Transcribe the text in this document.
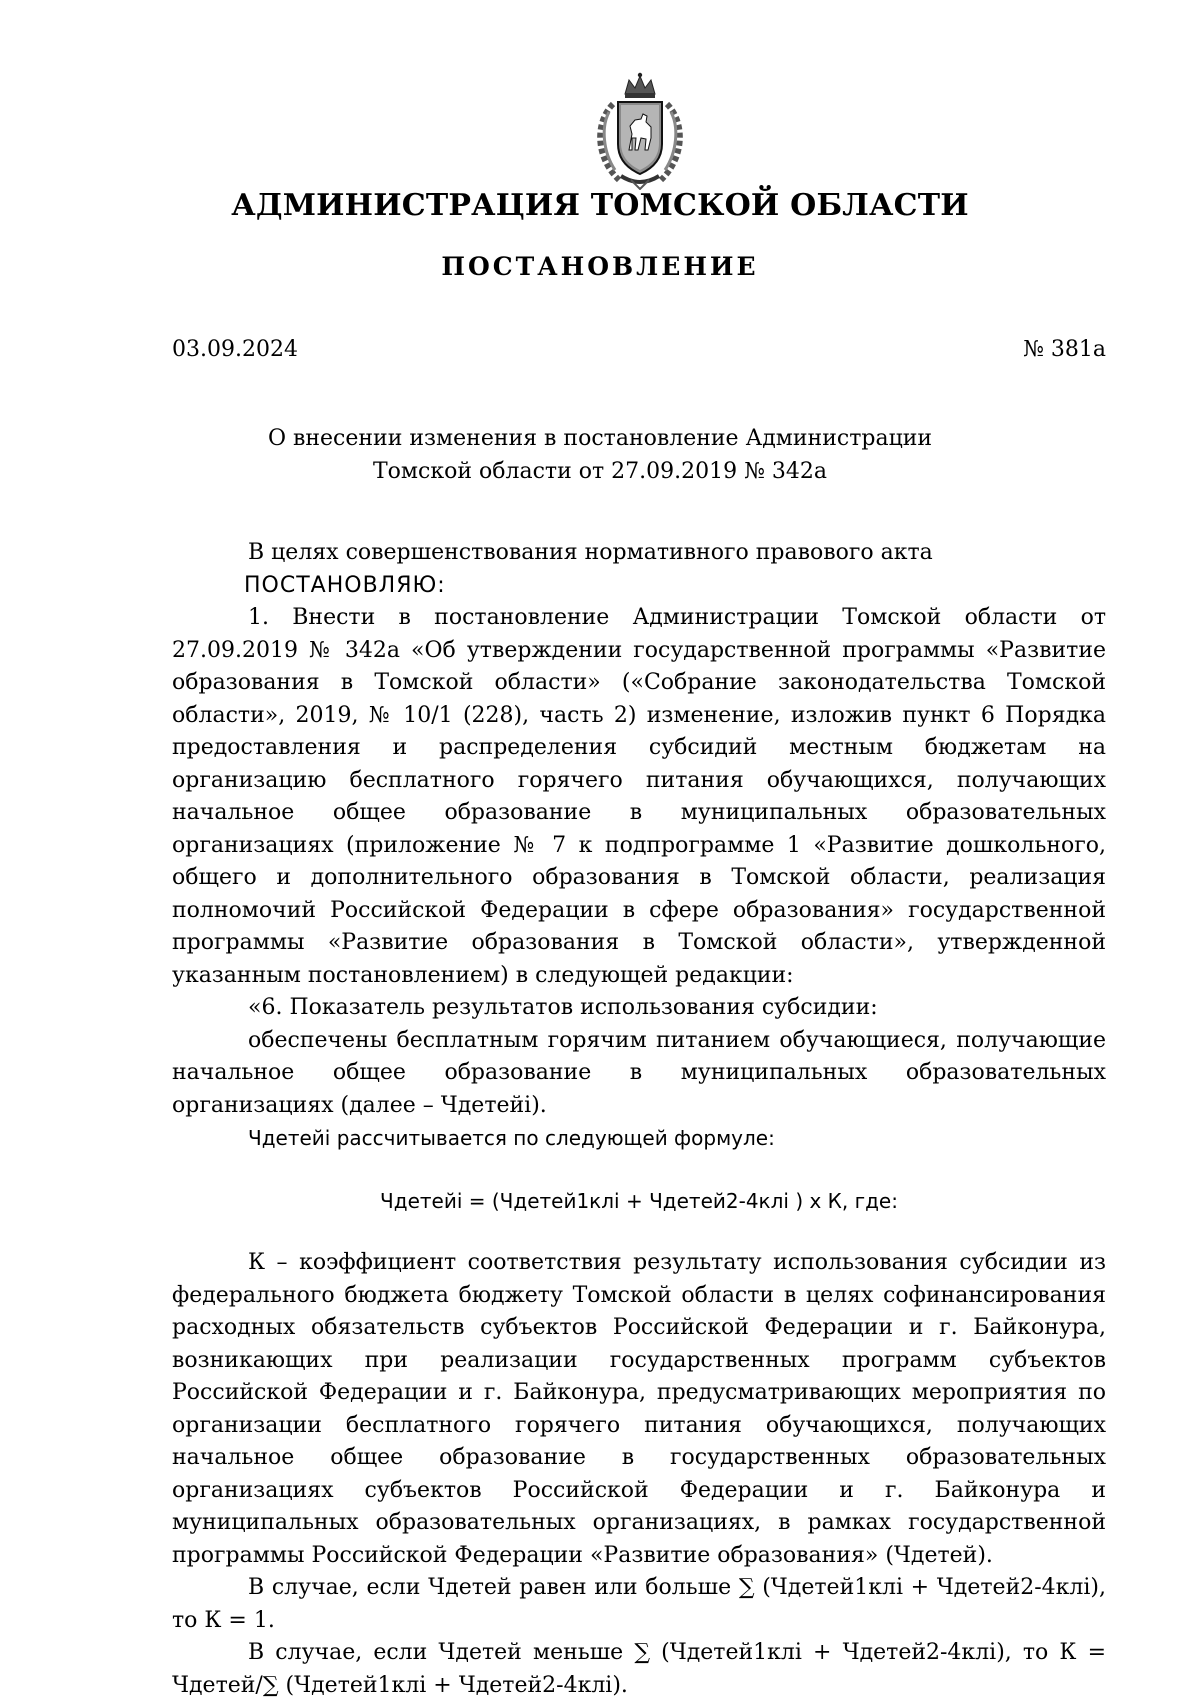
АДМИНИСТРАЦИЯ ТОМСКОЙ ОБЛАСТИ
ПОСТАНОВЛЕНИЕ
03.09.2024	№ 381а
О внесении изменения в постановление Администрации
Томской области от 27.09.2019 № 342а

В целях совершенствования нормативного правового акта

ПОСТАНОВЛЯЮ:

1. Внести в постановление Администрации Томской области от 27.09.2019 № 342а «Об утверждении государственной программы «Развитие образования в Томской области» («Собрание законодательства Томской области», 2019, № 10/1 (228), часть 2) изменение, изложив пункт 6 Порядка предоставления и распределения субсидий местным бюджетам на организацию бесплатного горячего питания обучающихся, получающих начальное общее образование в муниципальных образовательных организациях (приложение № 7 к подпрограмме 1 «Развитие дошкольного, общего и дополнительного образования в Томской области, реализация полномочий Российской Федерации в сфере образования» государственной программы «Развитие образования в Томской области», утвержденной указанным постановлением) в следующей редакции:

«6. Показатель результатов использования субсидии:

обеспечены бесплатным горячим питанием обучающиеся, получающие начальное общее образование в муниципальных образовательных организациях (далее – Чдетейi).

Чдетейi рассчитывается по следующей формуле:

Чдетейi = (Чдетей1клi + Чдетей2-4клi ) х К, где:

К – коэффициент соответствия результату использования субсидии из федерального бюджета бюджету Томской области в целях софинансирования расходных обязательств субъектов Российской Федерации и г. Байконура, возникающих при реализации государственных программ субъектов Российской Федерации и г. Байконура, предусматривающих мероприятия по организации бесплатного горячего питания обучающихся, получающих начальное общее образование в государственных образовательных организациях субъектов Российской Федерации и г. Байконура и муниципальных образовательных организациях, в рамках государственной программы Российской Федерации «Развитие образования» (Чдетей).

В случае, если Чдетей равен или больше ∑ (Чдетей1клi + Чдетей2-4клi), то К = 1.

В случае, если Чдетей меньше ∑ (Чдетей1клi + Чдетей2-4клi), то К = Чдетей/∑ (Чдетей1клi + Чдетей2-4клi).
